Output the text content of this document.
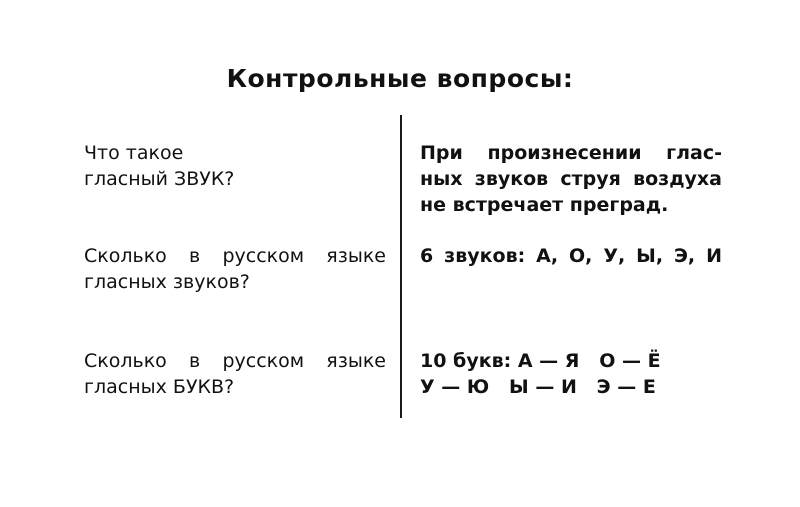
Контрольные вопросы:
Что такое
гласный ЗВУК?
При произнесении глас-
ных звуков струя воздуха
не встречает преград.
Сколько в русском языке
гласных звуков?
6 звуков: А, О, У, Ы, Э, И
Сколько в русском языке
гласных БУКВ?
10 букв: А — Я   О — Ё
У — Ю   Ы — И   Э — Е
